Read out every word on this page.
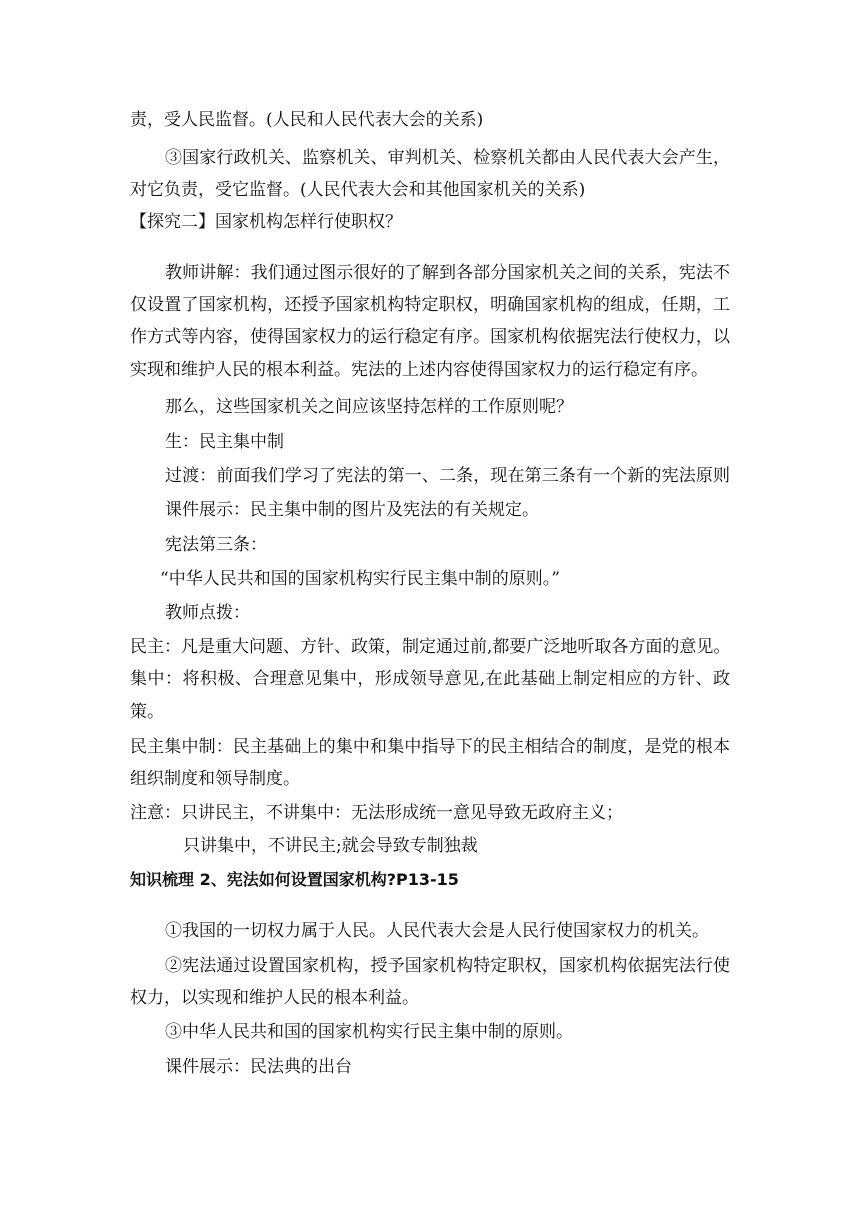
责，受人民监督。(人民和人民代表大会的关系)
③国家行政机关、监察机关、审判机关、检察机关都由人民代表大会产生，
对它负责，受它监督。(人民代表大会和其他国家机关的关系)
【探究二】国家机构怎样行使职权？
教师讲解：我们通过图示很好的了解到各部分国家机关之间的关系，宪法不
仅设置了国家机构，还授予国家机构特定职权，明确国家机构的组成，任期，工
作方式等内容，使得国家权力的运行稳定有序。国家机构依据宪法行使权力，以
实现和维护人民的根本利益。宪法的上述内容使得国家权力的运行稳定有序。
那么，这些国家机关之间应该坚持怎样的工作原则呢？
生：民主集中制
过渡：前面我们学习了宪法的第一、二条，现在第三条有一个新的宪法原则
课件展示：民主集中制的图片及宪法的有关规定。
宪法第三条：
“中华人民共和国的国家机构实行民主集中制的原则。”
教师点拨：
民主：凡是重大问题、方针、政策，制定通过前,都要广泛地听取各方面的意见。
集中：将积极、合理意见集中，形成领导意见,在此基础上制定相应的方针、政
策。
民主集中制：民主基础上的集中和集中指导下的民主相结合的制度，是党的根本
组织制度和领导制度。
注意：只讲民主，不讲集中：无法形成统一意见导致无政府主义；
只讲集中，不讲民主;就会导致专制独裁
知识梳理 2、宪法如何设置国家机构?P13-15
①我国的一切权力属于人民。人民代表大会是人民行使国家权力的机关。
②宪法通过设置国家机构，授予国家机构特定职权，国家机构依据宪法行使
权力，以实现和维护人民的根本利益。
③中华人民共和国的国家机构实行民主集中制的原则。
课件展示：民法典的出台
